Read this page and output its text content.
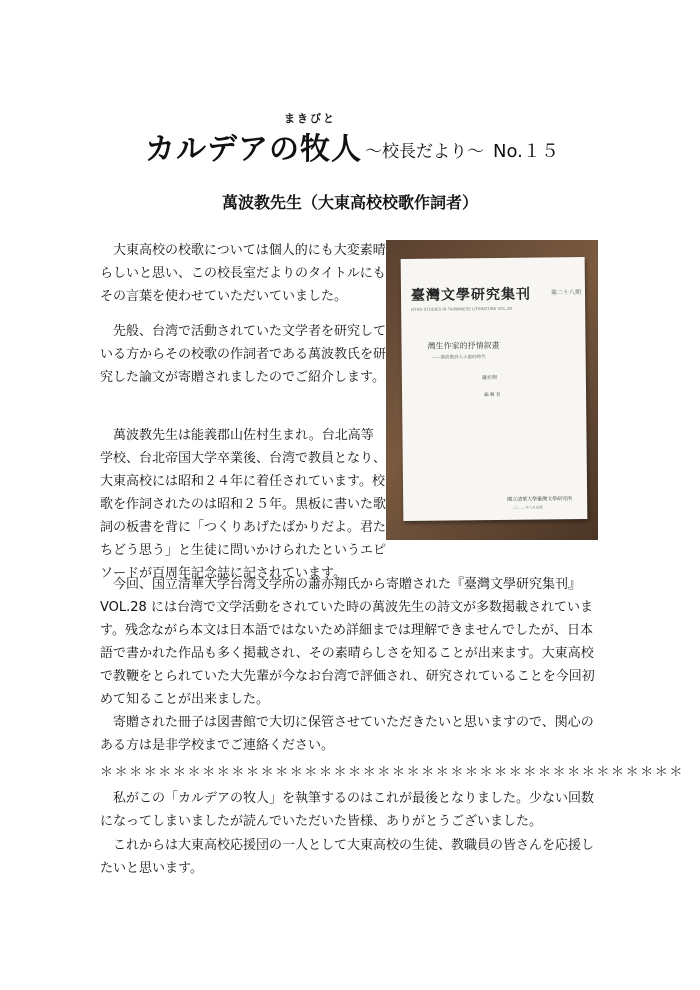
まきびと
カルデアの牧人 ～校長だより～ No.１５
萬波教先生（大東高校校歌作詞者）
臺灣文學研究集刊	第二十八期
NTHU STUDIES IN TAIWANESE LITERATURE VOL.28
灣生作家的抒情叙畫
——萬波教詩人小說的時代
蕭亦翔
編 輯 者
國立清華大學臺灣文學研究所
二〇二二年八月出版

大東高校の校歌については個人的にも大変素晴らしいと思い、この校長室だよりのタイトルにもその言葉を使わせていただいていました。

先般、台湾で活動されていた文学者を研究している方からその校歌の作詞者である萬波教氏を研究した論文が寄贈されましたのでご紹介します。

萬波教先生は能義郡山佐村生まれ。台北高等学校、台北帝国大学卒業後、台湾で教員となり、大東高校には昭和２４年に着任されています。校歌を作詞されたのは昭和２５年。黒板に書いた歌詞の板書を背に「つくりあげたばかりだよ。君たちどう思う」と生徒に問いかけられたというエピソードが百周年記念誌に記されています。

今回、国立清華大学台湾文学所の蕭亦翔氏から寄贈された『臺灣文學研究集刊』VOL.28 には台湾で文学活動をされていた時の萬波先生の詩文が多数掲載されています。残念ながら本文は日本語ではないため詳細までは理解できませんでしたが、日本語で書かれた作品も多く掲載され、その素晴らしさを知ることが出来ます。大東高校で教鞭をとられていた大先輩が今なお台湾で評価され、研究されていることを今回初めて知ることが出来ました。

寄贈された冊子は図書館で大切に保管させていただきたいと思いますので、関心のある方は是非学校までご連絡ください。

＊＊＊＊＊＊＊＊＊＊＊＊＊＊＊＊＊＊＊＊＊＊＊＊＊＊＊＊＊＊＊＊＊＊＊＊＊＊＊＊

私がこの「カルデアの牧人」を執筆するのはこれが最後となりました。少ない回数になってしまいましたが読んでいただいた皆様、ありがとうございました。

これからは大東高校応援団の一人として大東高校の生徒、教職員の皆さんを応援したいと思います。
